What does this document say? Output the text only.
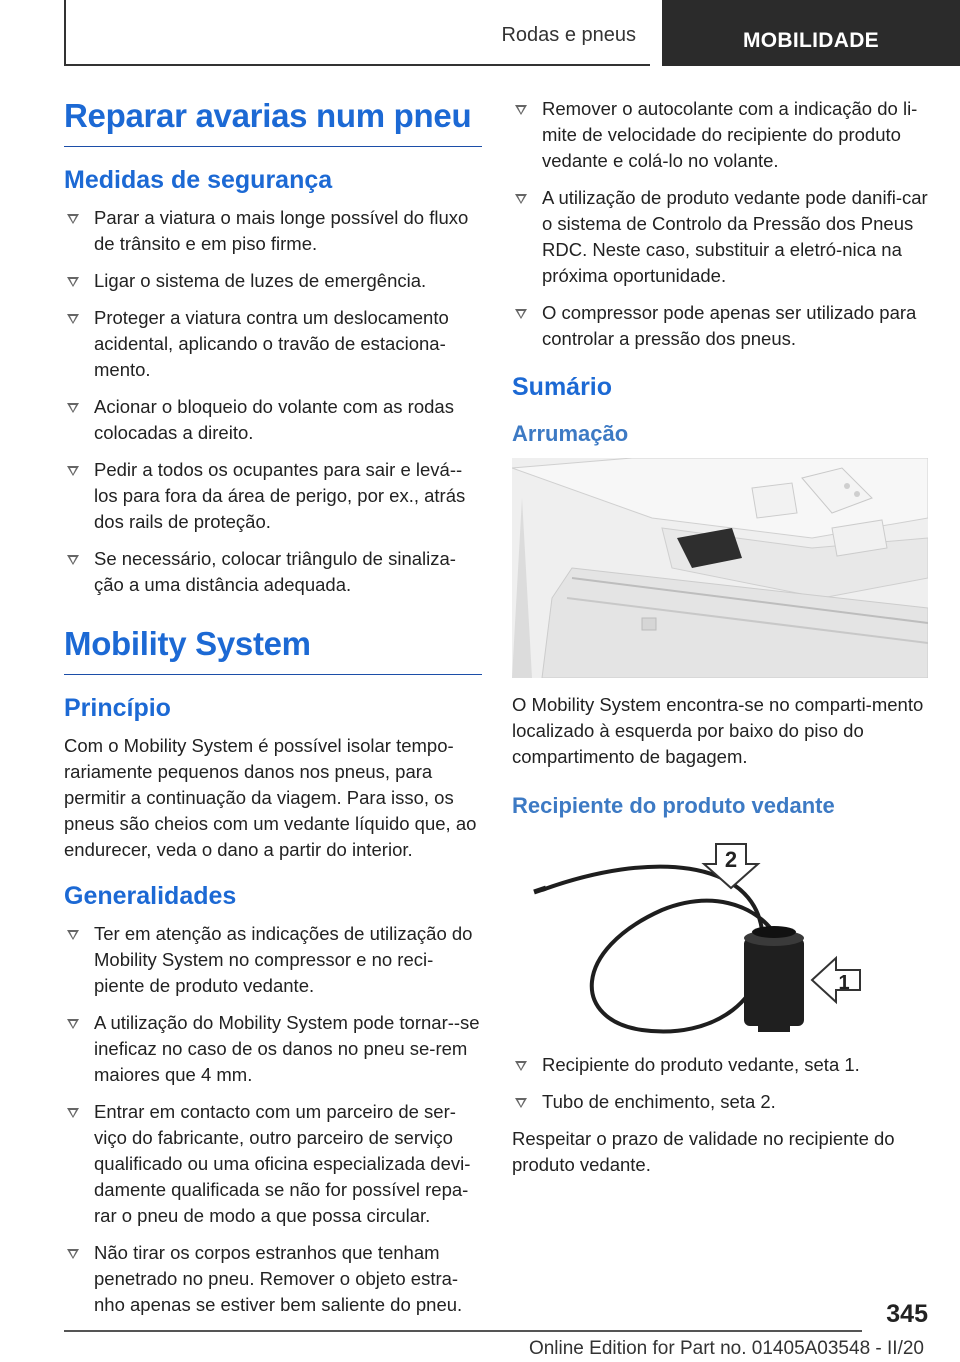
Rodas e pneus	MOBILIDADE
Reparar avarias num pneu
Medidas de segurança
Parar a viatura o mais longe possível do fluxo de trânsito e em piso firme.
Ligar o sistema de luzes de emergência.
Proteger a viatura contra um deslocamento acidental, aplicando o travão de estaciona-mento.
Acionar o bloqueio do volante com as rodas colocadas a direito.
Pedir a todos os ocupantes para sair e levá--los para fora da área de perigo, por ex., atrás dos rails de proteção.
Se necessário, colocar triângulo de sinaliza-ção a uma distância adequada.
Mobility System
Princípio

Com o Mobility System é possível isolar tempo-rariamente pequenos danos nos pneus, para permitir a continuação da viagem. Para isso, os pneus são cheios com um vedante líquido que, ao endurecer, veda o dano a partir do interior.

Generalidades
Ter em atenção as indicações de utilização do Mobility System no compressor e no reci-piente de produto vedante.
A utilização do Mobility System pode tornar--se ineficaz no caso de os danos no pneu se-rem maiores que 4 mm.
Entrar em contacto com um parceiro de ser-viço do fabricante, outro parceiro de serviço qualificado ou uma oficina especializada devi-damente qualificada se não for possível repa-rar o pneu de modo a que possa circular.
Não tirar os corpos estranhos que tenham penetrado no pneu. Remover o objeto estra-nho apenas se estiver bem saliente do pneu.
Remover o autocolante com a indicação do li-mite de velocidade do recipiente do produto vedante e colá-lo no volante.
A utilização de produto vedante pode danifi-car o sistema de Controlo da Pressão dos Pneus RDC. Neste caso, substituir a eletró-nica na próxima oportunidade.
O compressor pode apenas ser utilizado para controlar a pressão dos pneus.
Sumário
Arrumação

O Mobility System encontra-se no comparti-mento localizado à esquerda por baixo do piso do compartimento de bagagem.

Recipiente do produto vedante
2
1
Recipiente do produto vedante, seta 1.
Tubo de enchimento, seta 2.

Respeitar o prazo de validade no recipiente do produto vedante.

345
Online Edition for Part no. 01405A03548 - II/20
